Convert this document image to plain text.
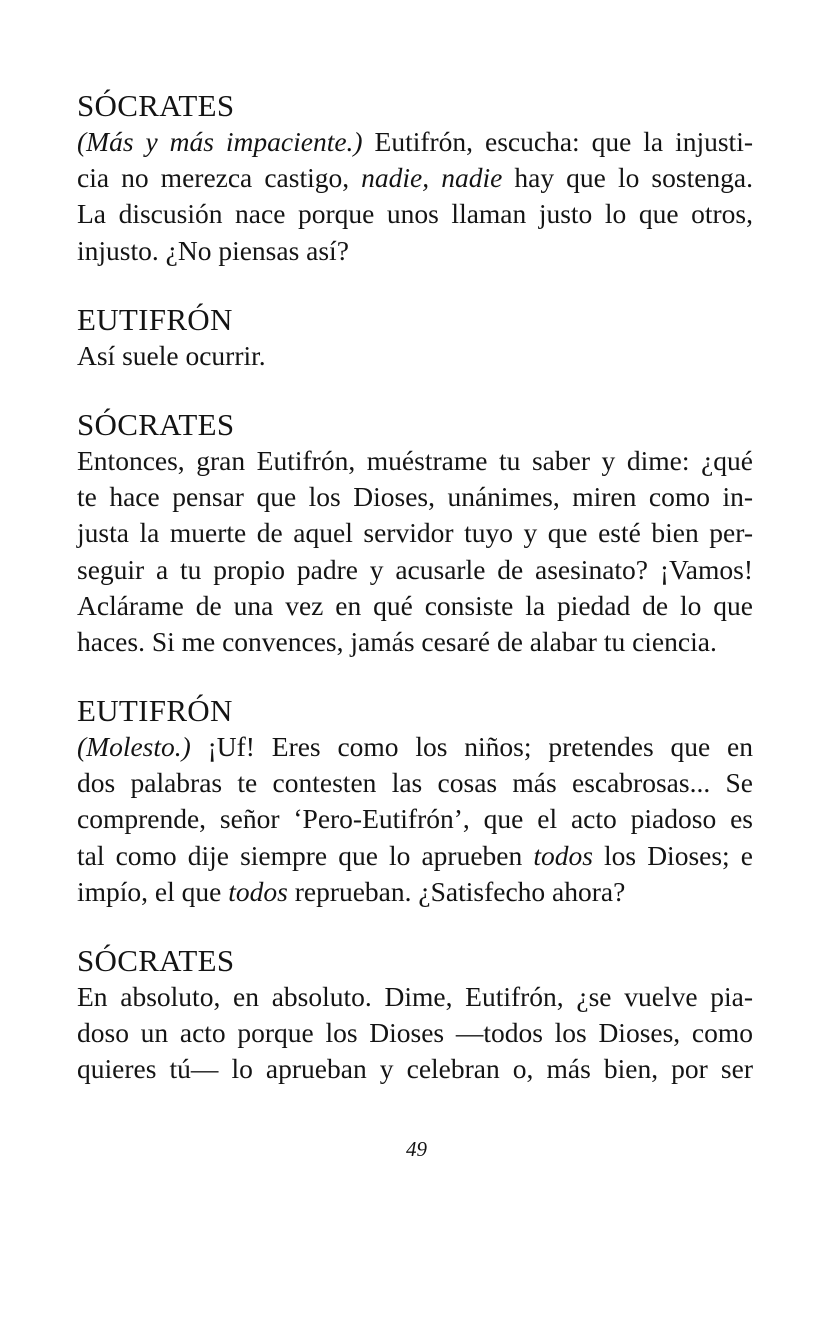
SÓCRATES
(Más y más impaciente.) Eutifrón, escucha: que la injusti-
cia no merezca castigo, nadie, nadie hay que lo sostenga.
La discusión nace porque unos llaman justo lo que otros,
injusto. ¿No piensas así?
EUTIFRÓN
Así suele ocurrir.
SÓCRATES
Entonces, gran Eutifrón, muéstrame tu saber y dime: ¿qué
te hace pensar que los Dioses, unánimes, miren como in-
justa la muerte de aquel servidor tuyo y que esté bien per-
seguir a tu propio padre y acusarle de asesinato? ¡Vamos!
Aclárame de una vez en qué consiste la piedad de lo que
haces. Si me convences, jamás cesaré de alabar tu ciencia.
EUTIFRÓN
(Molesto.) ¡Uf! Eres como los niños; pretendes que en
dos palabras te contesten las cosas más escabrosas... Se
comprende, señor ‘Pero-Eutifrón’, que el acto piadoso es
tal como dije siempre que lo aprueben todos los Dioses; e
impío, el que todos reprueban. ¿Satisfecho ahora?
SÓCRATES
En absoluto, en absoluto. Dime, Eutifrón, ¿se vuelve pia-
doso un acto porque los Dioses —todos los Dioses, como
quieres tú— lo aprueban y celebran o, más bien, por ser
49
